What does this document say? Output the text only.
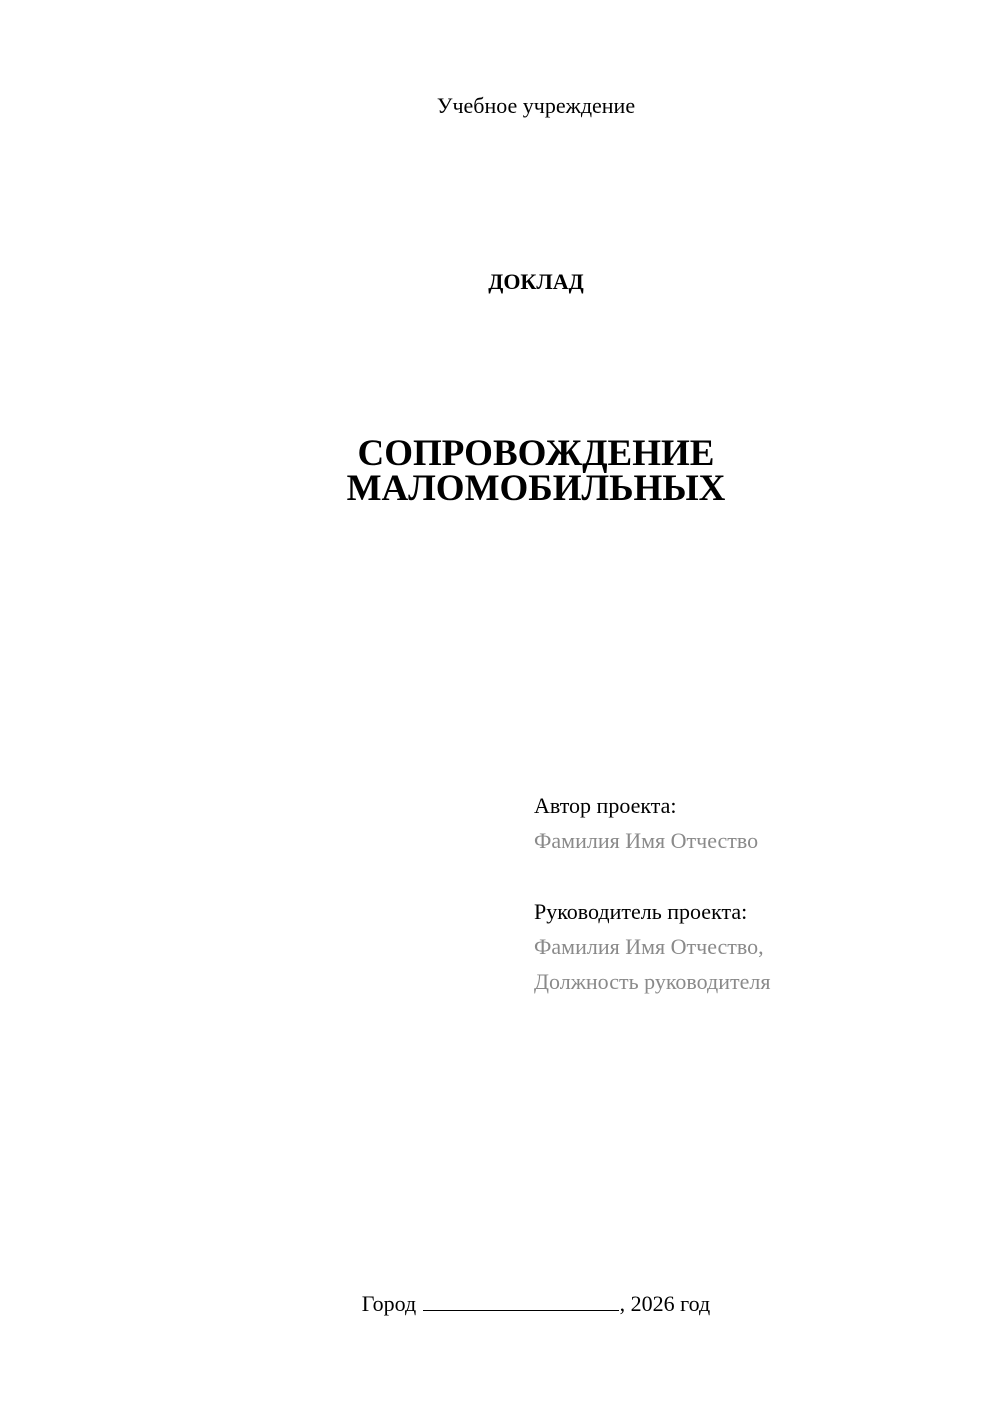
Учебное учреждение
ДОКЛАД
СОПРОВОЖДЕНИЕ
МАЛОМОБИЛЬНЫХ
Автор проекта:
Фамилия Имя Отчество
Руководитель проекта:
Фамилия Имя Отчество,
Должность руководителя
Город	, 2026 год
